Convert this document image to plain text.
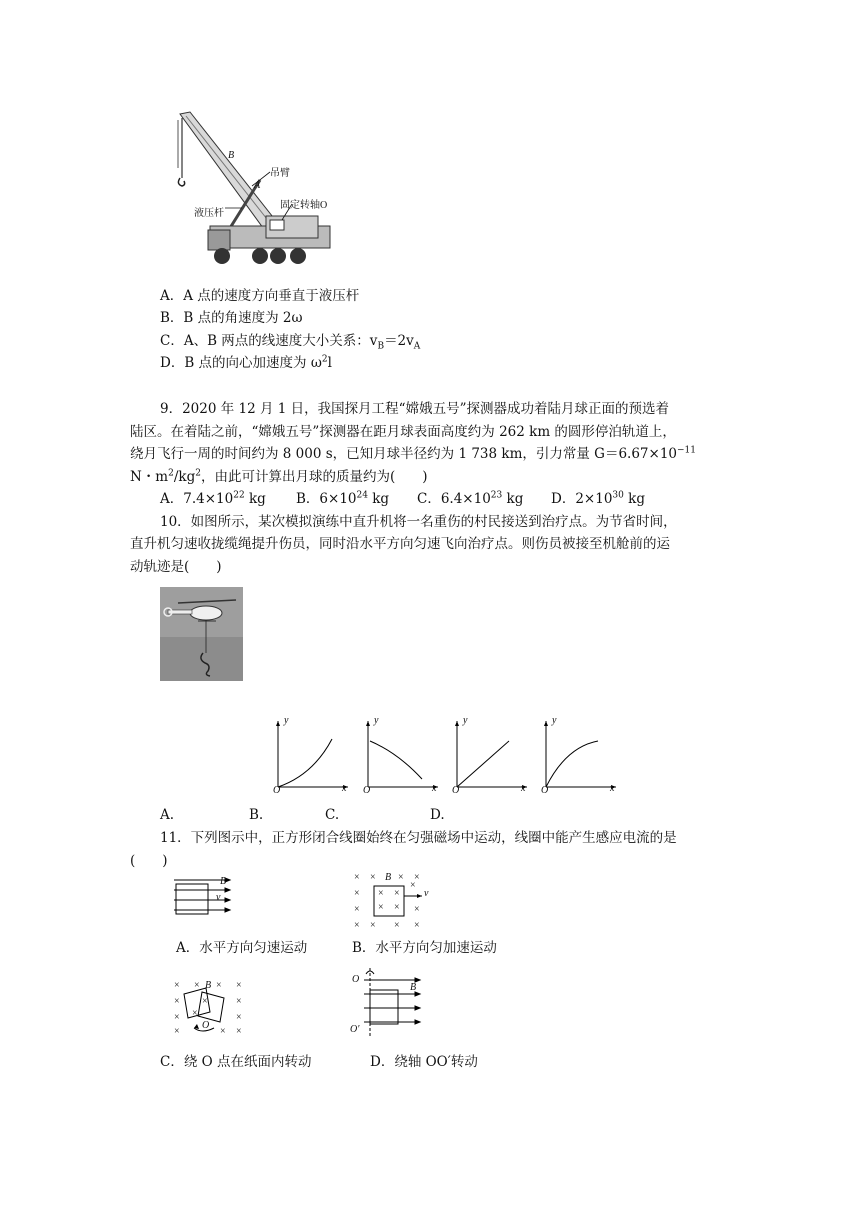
B
A
吊臂
固定转轴O
液压杆
A．A 点的速度方向垂直于液压杆
B．B 点的角速度为 2ω
C．A、B 两点的线速度大小关系：$v_B=2v_A$
D．B 点的向心加速度为 $\omega^2l$
9．2020 年 12 月 1 日，我国探月工程“嫦娥五号”探测器成功着陆月球正面的预选着
陆区。在着陆之前，“嫦娥五号”探测器在距月球表面高度约为 262 km 的圆形停泊轨道上，
绕月飞行一周的时间约为 8 000 s，已知月球半径约为 1 738 km，引力常量 $G=6.67\times 10^{-11}$
N・$m^2/kg^2$，由此可计算出月球的质量约为(　　)
A．$7.4\times 10^{22}$ kg B．$6\times 10^{24}$ kg C．$6.4\times 10^{23}$ kg D．$2\times 10^{30}$ kg
10．如图所示，某次模拟演练中直升机将一名重伤的村民接送到治疗点。为节省时间，
直升机匀速收拢缆绳提升伤员，同时沿水平方向匀速飞向治疗点。则伤员被接至机舱前的运
动轨迹是(　　)
y
x
O
y
x
O
y
x
O
y
x
O
A.	B.	C.	D.
11．下列图示中，正方形闭合线圈始终在匀强磁场中运动，线圈中能产生感应电流的是
(　　)
B
v
× × × ×
B
× × ×
×
v
× × × ×
× × × ×
A．水平方向匀速运动	B．水平方向匀加速运动
× × B × ×
× ×	×
× ×	×
×
O
× ×
O
B
O′
C．绕 O 点在纸面内转动	D．绕轴 OO′转动
